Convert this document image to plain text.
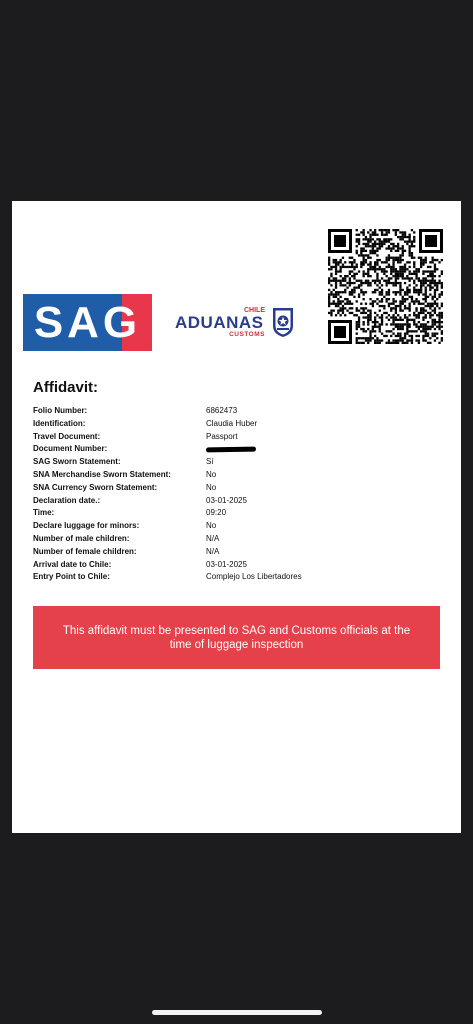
SAG	CHILE
ADUANAS
CUSTOMS
Affidavit:
Folio Number:	6862473
Identification:	Claudia Huber
Travel Document:	Passport
Document Number:
SAG Sworn Statement:	Sí
SNA Merchandise Sworn Statement:	No
SNA Currency Sworn Statement:	No
Declaration date.:	03-01-2025
Time:	09:20
Declare luggage for minors:	No
Number of male children:	N/A
Number of female children:	N/A
Arrival date to Chile:	03-01-2025
Entry Point to Chile:	Complejo Los Libertadores
This affidavit must be presented to SAG and Customs officials at the time of luggage inspection
